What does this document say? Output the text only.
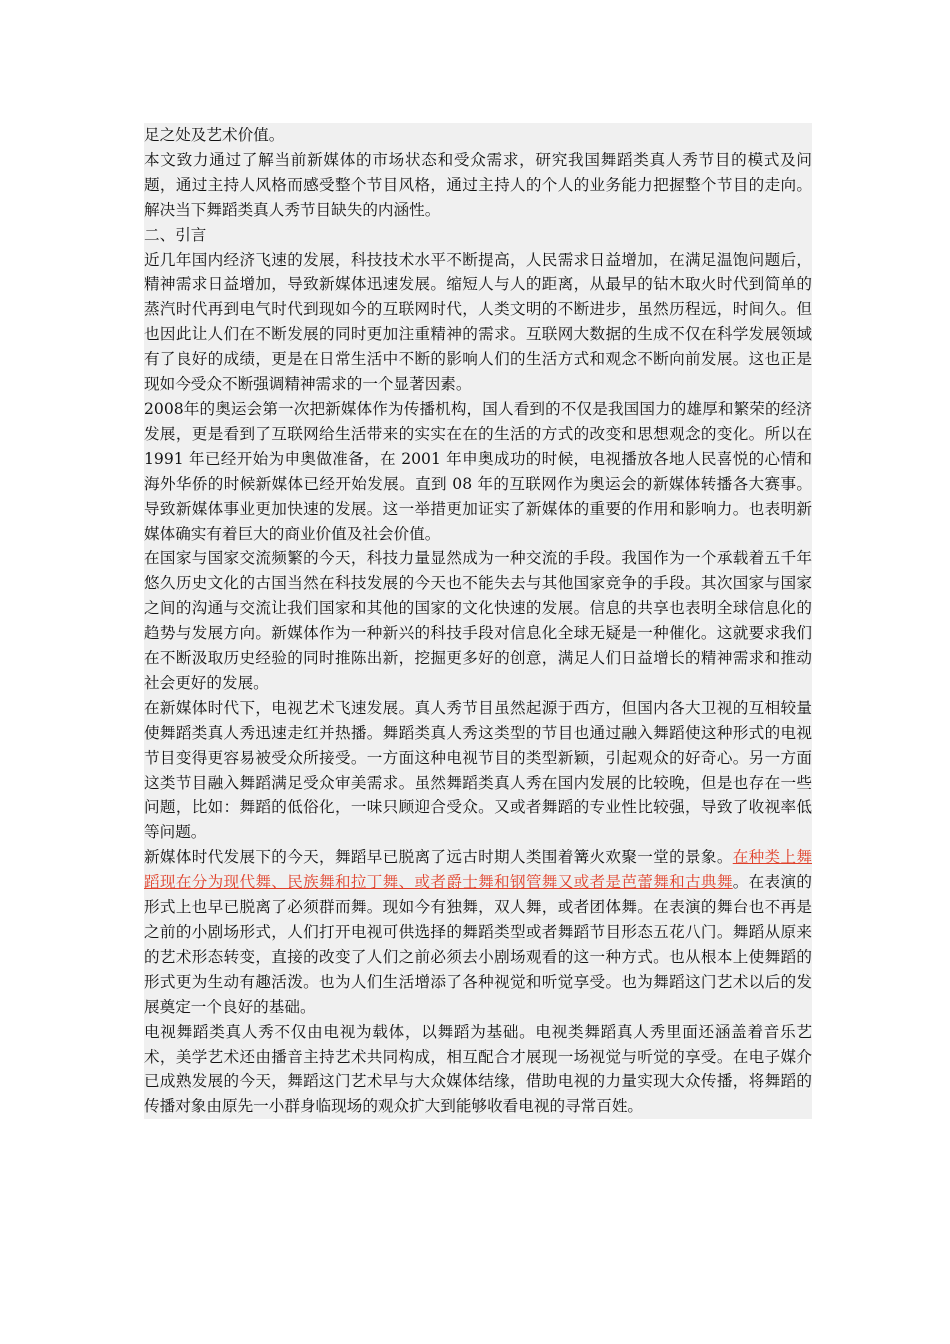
足之处及艺术价值。

本文致力通过了解当前新媒体的市场状态和受众需求，研究我国舞蹈类真人秀节目的模式及问题，通过主持人风格而感受整个节目风格，通过主持人的个人的业务能力把握整个节目的走向。解决当下舞蹈类真人秀节目缺失的内涵性。

二、引言

近几年国内经济飞速的发展，科技技术水平不断提高，人民需求日益增加，在满足温饱问题后，精神需求日益增加，导致新媒体迅速发展。缩短人与人的距离，从最早的钻木取火时代到简单的蒸汽时代再到电气时代到现如今的互联网时代，人类文明的不断进步，虽然历程远，时间久。但也因此让人们在不断发展的同时更加注重精神的需求。互联网大数据的生成不仅在科学发展领域有了良好的成绩，更是在日常生活中不断的影响人们的生活方式和观念不断向前发展。这也正是现如今受众不断强调精神需求的一个显著因素。

2008年的奥运会第一次把新媒体作为传播机构，国人看到的不仅是我国国力的雄厚和繁荣的经济发展，更是看到了互联网给生活带来的实实在在的生活的方式的改变和思想观念的变化。所以在 1991 年已经开始为申奥做准备，在 2001 年申奥成功的时候，电视播放各地人民喜悦的心情和海外华侨的时候新媒体已经开始发展。直到 08 年的互联网作为奥运会的新媒体转播各大赛事。导致新媒体事业更加快速的发展。这一举措更加证实了新媒体的重要的作用和影响力。也表明新媒体确实有着巨大的商业价值及社会价值。

在国家与国家交流频繁的今天，科技力量显然成为一种交流的手段。我国作为一个承载着五千年悠久历史文化的古国当然在科技发展的今天也不能失去与其他国家竞争的手段。其次国家与国家之间的沟通与交流让我们国家和其他的国家的文化快速的发展。信息的共享也表明全球信息化的趋势与发展方向。新媒体作为一种新兴的科技手段对信息化全球无疑是一种催化。这就要求我们在不断汲取历史经验的同时推陈出新，挖掘更多好的创意，满足人们日益增长的精神需求和推动社会更好的发展。

在新媒体时代下，电视艺术飞速发展。真人秀节目虽然起源于西方，但国内各大卫视的互相较量使舞蹈类真人秀迅速走红并热播。舞蹈类真人秀这类型的节目也通过融入舞蹈使这种形式的电视节目变得更容易被受众所接受。一方面这种电视节目的类型新颖，引起观众的好奇心。另一方面这类节目融入舞蹈满足受众审美需求。虽然舞蹈类真人秀在国内发展的比较晚，但是也存在一些问题，比如：舞蹈的低俗化，一味只顾迎合受众。又或者舞蹈的专业性比较强，导致了收视率低等问题。

新媒体时代发展下的今天，舞蹈早已脱离了远古时期人类围着篝火欢聚一堂的景象。在种类上舞蹈现在分为现代舞、民族舞和拉丁舞、或者爵士舞和钢管舞又或者是芭蕾舞和古典舞。在表演的形式上也早已脱离了必须群而舞。现如今有独舞，双人舞，或者团体舞。在表演的舞台也不再是之前的小剧场形式，人们打开电视可供选择的舞蹈类型或者舞蹈节目形态五花八门。舞蹈从原来的艺术形态转变，直接的改变了人们之前必须去小剧场观看的这一种方式。也从根本上使舞蹈的形式更为生动有趣活泼。也为人们生活增添了各种视觉和听觉享受。也为舞蹈这门艺术以后的发展奠定一个良好的基础。

电视舞蹈类真人秀不仅由电视为载体，以舞蹈为基础。电视类舞蹈真人秀里面还涵盖着音乐艺术，美学艺术还由播音主持艺术共同构成，相互配合才展现一场视觉与听觉的享受。在电子媒介已成熟发展的今天，舞蹈这门艺术早与大众媒体结缘，借助电视的力量实现大众传播，将舞蹈的传播对象由原先一小群身临现场的观众扩大到能够收看电视的寻常百姓。
